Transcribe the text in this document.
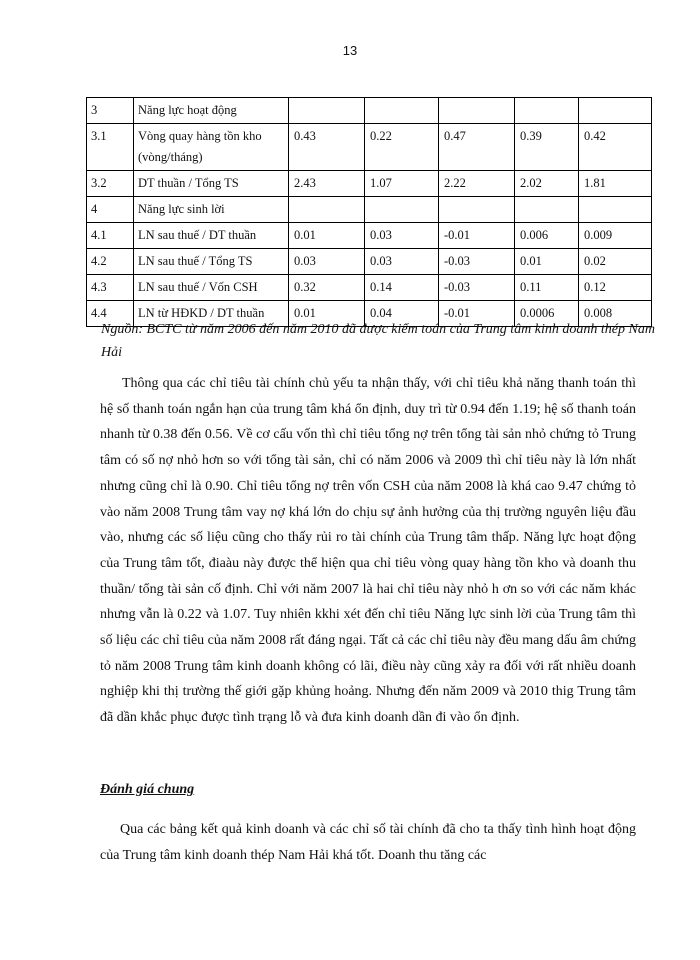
13
3	Năng lực hoạt động					
3.1	Vòng quay hàng tồn kho (vòng/tháng)	0.43	0.22	0.47	0.39	0.42
3.2	DT thuần / Tổng TS	2.43	1.07	2.22	2.02	1.81
4	Năng lực sinh lời					
4.1	LN sau thuế / DT thuần	0.01	0.03	-0.01	0.006	0.009
4.2	LN sau thuế / Tổng TS	0.03	0.03	-0.03	0.01	0.02
4.3	LN sau thuế / Vốn CSH	0.32	0.14	-0.03	0.11	0.12
4.4	LN từ HĐKD / DT thuần	0.01	0.04	-0.01	0.0006	0.008
Nguồn: BCTC từ năm 2006 đến năm 2010 đã được kiểm toán của Trung tâm kinh doanh thép Nam Hải

Thông qua các chỉ tiêu tài chính chủ yếu ta nhận thấy, với chỉ tiêu khả năng thanh toán thì hệ số thanh toán ngắn hạn của trung tâm khá ổn định, duy trì từ 0.94 đến 1.19; hệ số thanh toán nhanh từ 0.38 đến 0.56. Về cơ cấu vốn thì chỉ tiêu tổng nợ trên tổng tài sản nhỏ chứng tỏ Trung tâm có số nợ nhỏ hơn so với tổng tài sản, chỉ có năm 2006 và 2009 thì chỉ tiêu này là lớn nhất nhưng cũng chỉ là 0.90. Chỉ tiêu tổng nợ trên vốn CSH của năm 2008 là khá cao 9.47 chứng tỏ vào năm 2008 Trung tâm vay nợ khá lớn do chịu sự ảnh hưởng của thị trường nguyên liệu đầu vào, nhưng các số liệu cũng cho thấy rủi ro tài chính của Trung tâm thấp. Năng lực hoạt động của Trung tâm tốt, điaàu này được thể hiện qua chỉ tiêu vòng quay hàng tồn kho và doanh thu thuần/ tổng tài sản cố định. Chỉ với năm 2007 là hai chỉ tiêu này nhỏ h ơn so với các năm khác nhưng vẫn là 0.22 và 1.07. Tuy nhiên kkhi xét đến chỉ tiêu Năng lực sinh lời của Trung tâm thì số liệu các chỉ tiêu của năm 2008 rất đáng ngại. Tất cả các chỉ tiêu này đều mang dấu âm chứng tỏ năm 2008 Trung tâm kinh doanh không có lãi, điều này cũng xảy ra đối với rất nhiều doanh nghiệp khi thị trường thế giới gặp khủng hoảng. Nhưng đến năm 2009 và 2010 thig Trung tâm đã dần khắc phục được tình trạng lỗ và đưa kinh doanh dần đi vào ổn định.

Đánh giá chung

Qua các bảng kết quả kinh doanh và các chỉ số tài chính đã cho ta thấy tình hình hoạt động của Trung tâm kinh doanh thép Nam Hải khá tốt. Doanh thu tăng các
